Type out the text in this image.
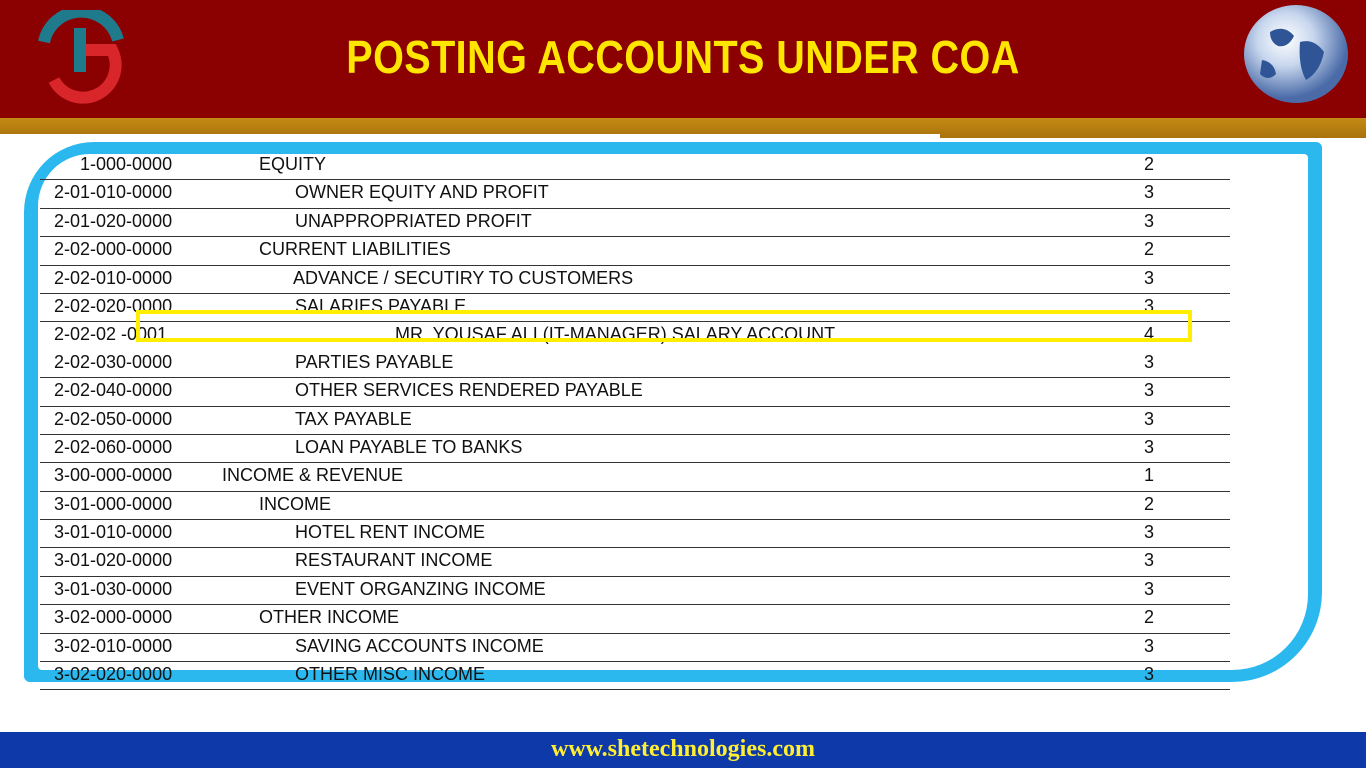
POSTING ACCOUNTS UNDER COA
1-000-0000	EQUITY	2
2-01-010-0000	OWNER EQUITY AND PROFIT	3
2-01-020-0000	UNAPPROPRIATED PROFIT	3
2-02-000-0000	CURRENT LIABILITIES	2
2-02-010-0000	ADVANCE / SECUTIRY TO CUSTOMERS	3
2-02-020-0000	SALARIES PAYABLE	3
2-02-02 -0001	MR. YOUSAF ALI (IT-MANAGER) SALARY ACCOUNT	4
2-02-030-0000	PARTIES PAYABLE	3
2-02-040-0000	OTHER SERVICES RENDERED PAYABLE	3
2-02-050-0000	TAX PAYABLE	3
2-02-060-0000	LOAN PAYABLE TO BANKS	3
3-00-000-0000	INCOME & REVENUE	1
3-01-000-0000	INCOME	2
3-01-010-0000	HOTEL RENT INCOME	3
3-01-020-0000	RESTAURANT INCOME	3
3-01-030-0000	EVENT ORGANZING INCOME	3
3-02-000-0000	OTHER INCOME	2
3-02-010-0000	SAVING ACCOUNTS INCOME	3
3-02-020-0000	OTHER MISC INCOME	3
www.shetechnologies.com
